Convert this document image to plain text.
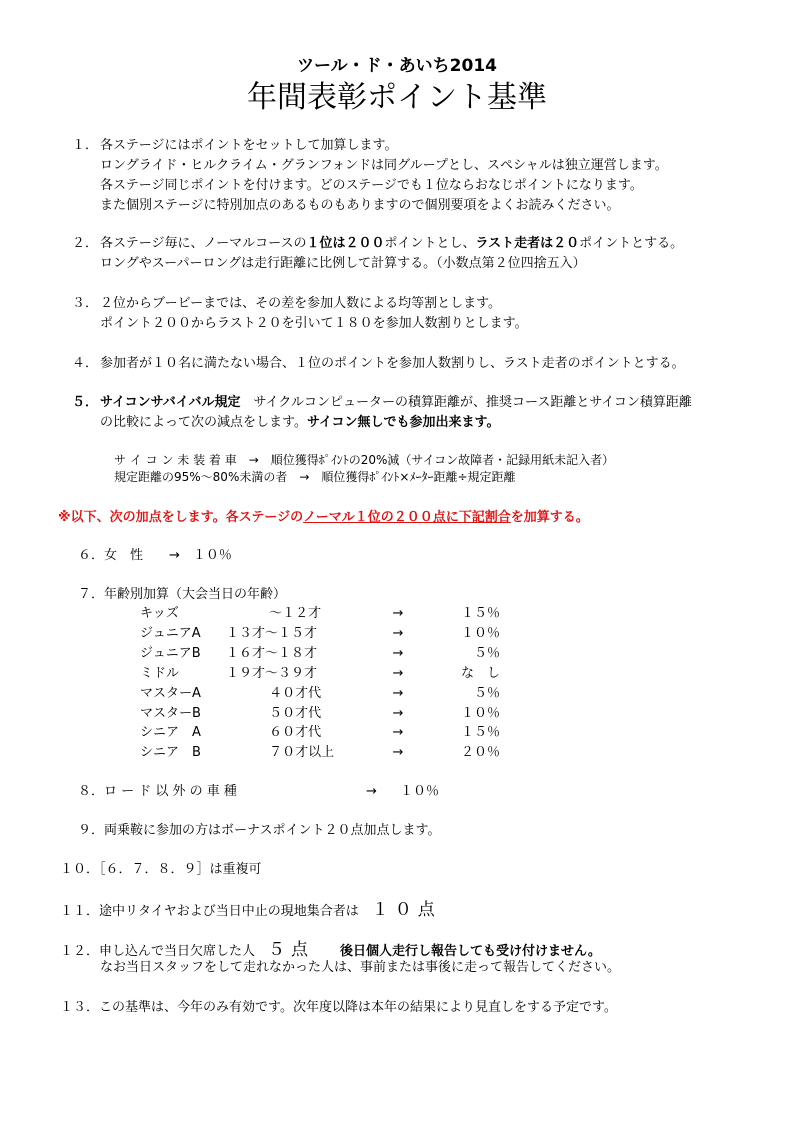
ツール・ド・あいち2014
年間表彰ポイント基準
１． 各ステージにはポイントをセットして加算します。
ロングライド・ヒルクライム・グランフォンドは同グループとし、スペシャルは独立運営します。
各ステージ同じポイントを付けます。どのステージでも１位ならおなじポイントになります。
また個別ステージに特別加点のあるものもありますので個別要項をよくお読みください。
２． 各ステージ毎に、ノーマルコースの１位は２００ポイントとし、ラスト走者は２０ポイントとする。
ロングやスーパーロングは走行距離に比例して計算する。（小数点第２位四捨五入）
３． ２位からブービーまでは、その差を参加人数による均等割とします。
ポイント２００からラスト２０を引いて１８０を参加人数割りとします。
４． 参加者が１０名に満たない場合、１位のポイントを参加人数割りし、ラスト走者のポイントとする。
５． サイコンサバイバル規定　 サイクルコンピューターの積算距離が、推奨コース距離とサイコン積算距離
の比較によって次の減点をします。サイコン無しでも参加出来ます。
サ イ コ ン 未 装 着 車　→　順位獲得ﾎﾟｲﾝﾄの20%減（サイコン故障者・記録用紙未記入者）
規定距離の95%～80%未満の者　→　順位獲得ﾎﾟｲﾝﾄ×ﾒｰﾀｰ距離÷規定距離
※以下、次の加点をします。各ステージのノーマル１位の２００点に下記割合を加算する。
６．女　性　　→　１０％
７．年齢別加算（大会当日の年齢）
キッズ	　　　 ～１２才	→	１５％
ジュニアA	１３才～１５才	→	１０％
ジュニアB	１６才～１８才	→	５％
ミドル	１９才～３９才	→	な　し
マスターA	　　　 ４０才代	→	５％
マスターB	　　　 ５０才代	→	１０％
シニア　A	　　　 ６０才代	→	１５％
シニア　B	　　　 ７０才以上	→	２０％
８．ロ ー ド 以 外 の 車 種	→ １０％
９．両乗鞍に参加の方はボーナスポイント２０点加点します。
１０．［６．７．８．９］は重複可
１１．途中リタイヤおよび当日中止の現地集合者は　 １０点
１２．申し込んで当日欠席した人　 ５点　　 後日個人走行し報告しても受け付けません。
なお当日スタッフをして走れなかった人は、事前または事後に走って報告してください。
１３．この基準は、今年のみ有効です。次年度以降は本年の結果により見直しをする予定です。
